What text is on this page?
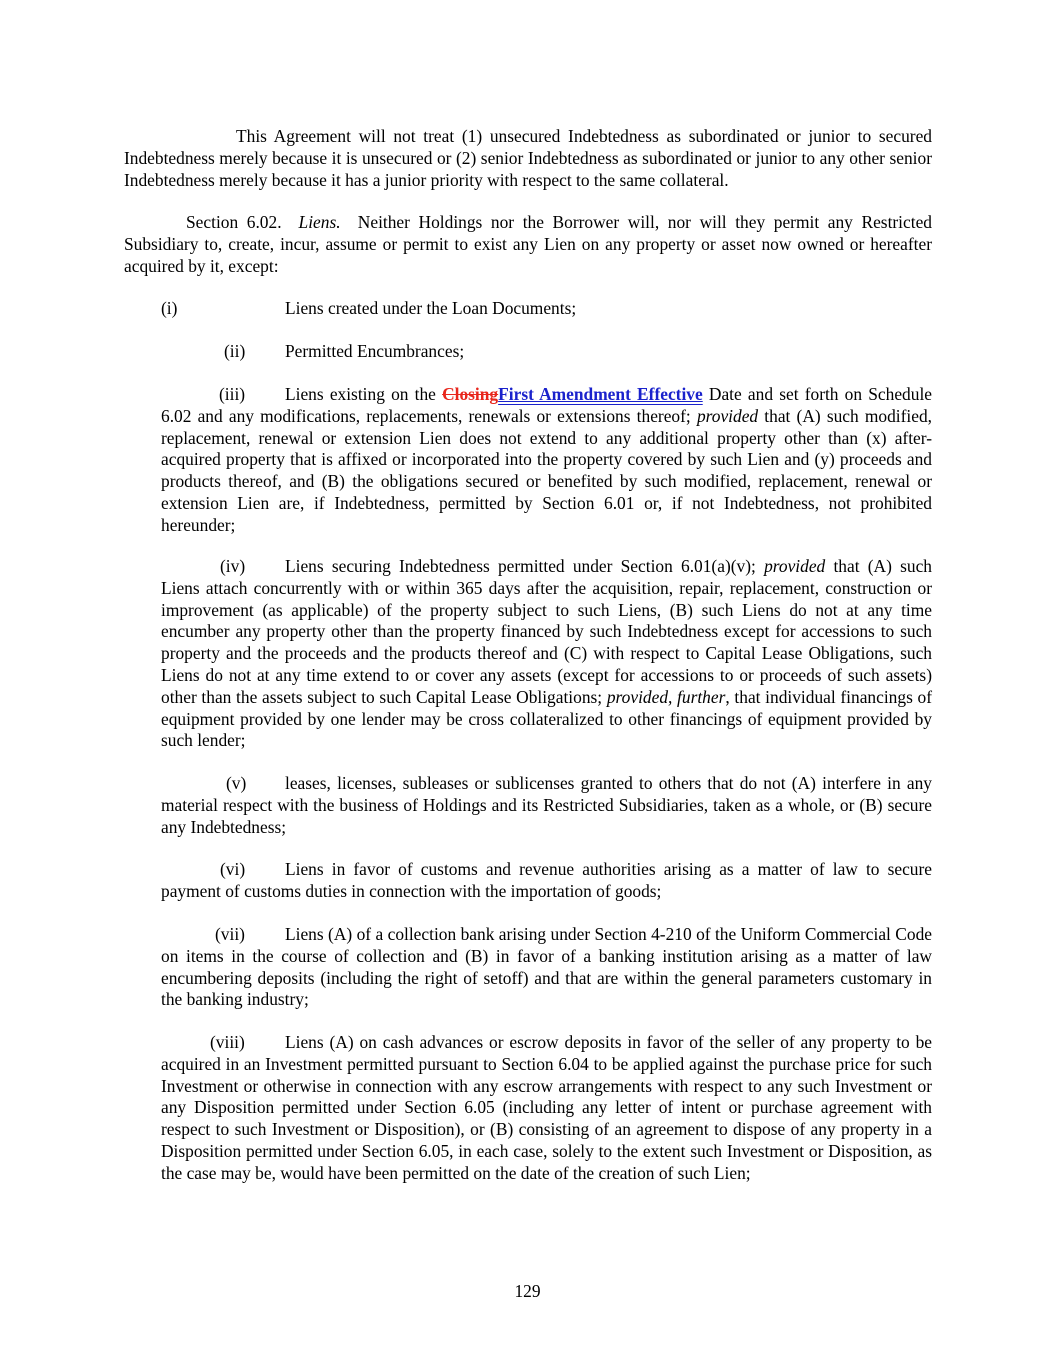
This Agreement will not treat (1) unsecured Indebtedness as subordinated or junior to secured Indebtedness merely because it is unsecured or (2) senior Indebtedness as subordinated or junior to any other senior Indebtedness merely because it has a junior priority with respect to the same collateral.

Section 6.02. Liens. Neither Holdings nor the Borrower will, nor will they permit any Restricted Subsidiary to, create, incur, assume or permit to exist any Lien on any property or asset now owned or hereafter acquired by it, except:

(i)	Liens created under the Loan Documents;

(ii) Permitted Encumbrances;

(iii) Liens existing on the ClosingFirst Amendment Effective Date and set forth on Schedule 6.02 and any modifications, replacements, renewals or extensions thereof; provided that (A) such modified, replacement, renewal or extension Lien does not extend to any additional property other than (x) after-acquired property that is affixed or incorporated into the property covered by such Lien and (y) proceeds and products thereof, and (B) the obligations secured or benefited by such modified, replacement, renewal or extension Lien are, if Indebtedness, permitted by Section 6.01 or, if not Indebtedness, not prohibited hereunder;

(iv) Liens securing Indebtedness permitted under Section 6.01(a)(v); provided that (A) such Liens attach concurrently with or within 365 days after the acquisition, repair, replacement, construction or improvement (as applicable) of the property subject to such Liens, (B) such Liens do not at any time encumber any property other than the property financed by such Indebtedness except for accessions to such property and the proceeds and the products thereof and (C) with respect to Capital Lease Obligations, such Liens do not at any time extend to or cover any assets (except for accessions to or proceeds of such assets) other than the assets subject to such Capital Lease Obligations; provided, further, that individual financings of equipment provided by one lender may be cross collateralized to other financings of equipment provided by such lender;

(v) leases, licenses, subleases or sublicenses granted to others that do not (A) interfere in any material respect with the business of Holdings and its Restricted Subsidiaries, taken as a whole, or (B) secure any Indebtedness;

(vi) Liens in favor of customs and revenue authorities arising as a matter of law to secure payment of customs duties in connection with the importation of goods;

(vii) Liens (A) of a collection bank arising under Section 4-210 of the Uniform Commercial Code on items in the course of collection and (B) in favor of a banking institution arising as a matter of law encumbering deposits (including the right of setoff) and that are within the general parameters customary in the banking industry;

(viii) Liens (A) on cash advances or escrow deposits in favor of the seller of any property to be acquired in an Investment permitted pursuant to Section 6.04 to be applied against the purchase price for such Investment or otherwise in connection with any escrow arrangements with respect to any such Investment or any Disposition permitted under Section 6.05 (including any letter of intent or purchase agreement with respect to such Investment or Disposition), or (B) consisting of an agreement to dispose of any property in a Disposition permitted under Section 6.05, in each case, solely to the extent such Investment or Disposition, as the case may be, would have been permitted on the date of the creation of such Lien;

129
